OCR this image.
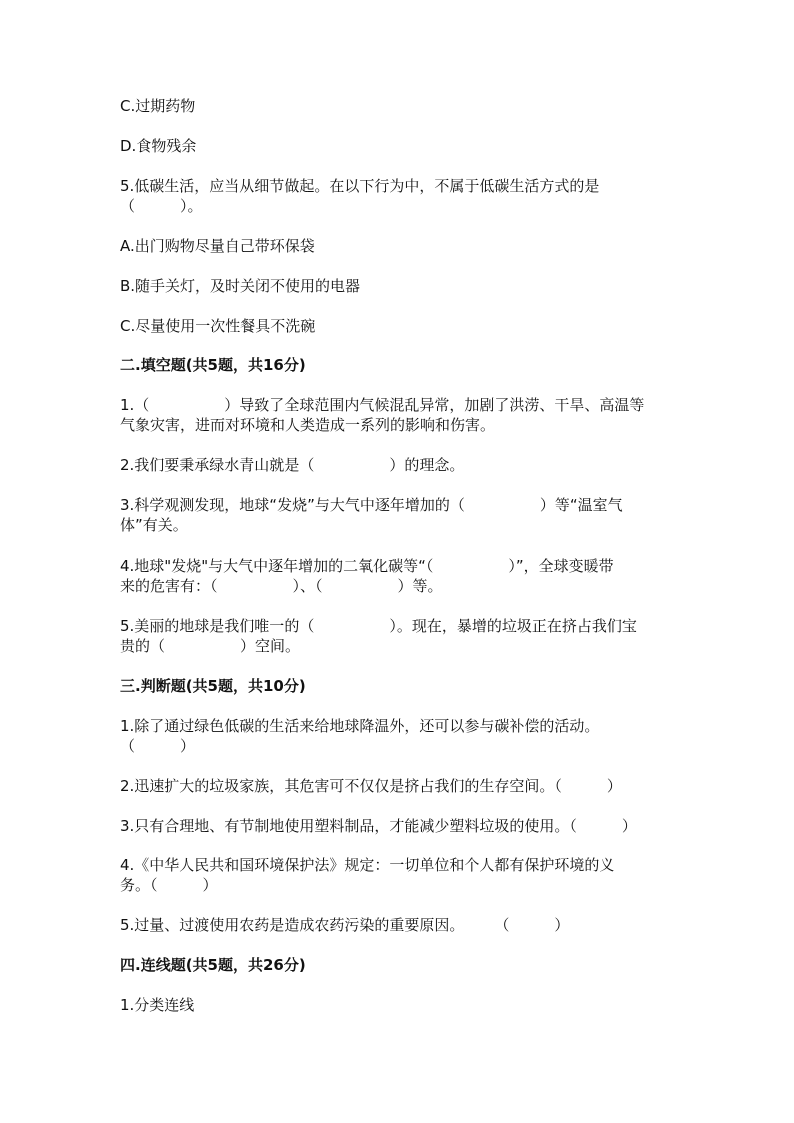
C.过期药物
D.食物残余
5.低碳生活，应当从细节做起。在以下行为中，不属于低碳生活方式的是
（　　　）。
A.出门购物尽量自己带环保袋
B.随手关灯，及时关闭不使用的电器
C.尽量使用一次性餐具不洗碗
二.填空题(共5题，共16分)
1.（　　　　　）导致了全球范围内气候混乱异常，加剧了洪涝、干旱、高温等
气象灾害，进而对环境和人类造成一系列的影响和伤害。
2.我们要秉承绿水青山就是（　　　　　）的理念。
3.科学观测发现，地球“发烧”与大气中逐年增加的（　　　　　）等“温室气
体”有关。
4.地球"发烧"与大气中逐年增加的二氧化碳等“（　　　　　）”，全球变暖带
来的危害有：（　　　　　）、（　　　　　）等。
5.美丽的地球是我们唯一的（　　　　　）。现在，暴增的垃圾正在挤占我们宝
贵的（　　　　　）空间。
三.判断题(共5题，共10分)
1.除了通过绿色低碳的生活来给地球降温外，还可以参与碳补偿的活动。
（　　　）
2.迅速扩大的垃圾家族，其危害可不仅仅是挤占我们的生存空间。（　　　）
3.只有合理地、有节制地使用塑料制品，才能减少塑料垃圾的使用。（　　　）
4.《中华人民共和国环境保护法》规定：一切单位和个人都有保护环境的义
务。（　　　）
5.过量、过渡使用农药是造成农药污染的重要原因。　　　（　　　）
四.连线题(共5题，共26分)
1.分类连线
